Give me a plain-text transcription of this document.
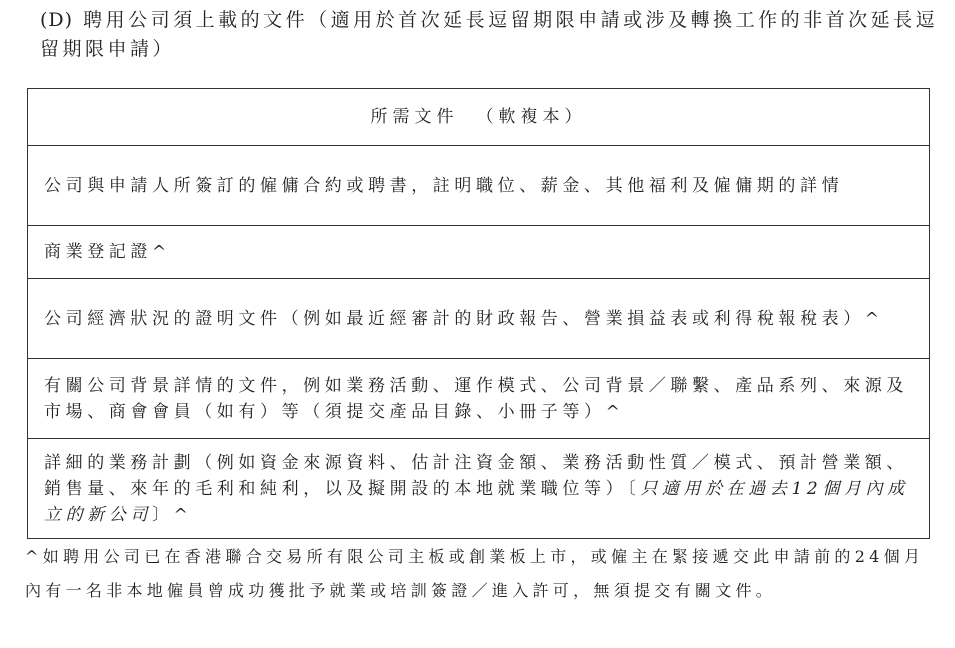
(D) 聘用公司須上載的文件（適用於首次延長逗留期限申請或涉及轉換工作的非首次延長逗留期限申請）
所需文件 （軟複本）
公司與申請人所簽訂的僱傭合約或聘書，註明職位、薪金、其他福利及僱傭期的詳情
商業登記證^
公司經濟狀況的證明文件（例如最近經審計的財政報告、營業損益表或利得稅報稅表）^
有關公司背景詳情的文件，例如業務活動、運作模式、公司背景／聯繫、產品系列、來源及市場、商會會員（如有）等（須提交產品目錄、小冊子等）^
詳細的業務計劃（例如資金來源資料、估計注資金額、業務活動性質／模式、預計營業額、銷售量、來年的毛利和純利，以及擬開設的本地就業職位等）〔只適用於在過去12個月內成立的新公司〕^
^如聘用公司已在香港聯合交易所有限公司主板或創業板上市，或僱主在緊接遞交此申請前的24個月內有一名非本地僱員曾成功獲批予就業或培訓簽證／進入許可，無須提交有關文件。
